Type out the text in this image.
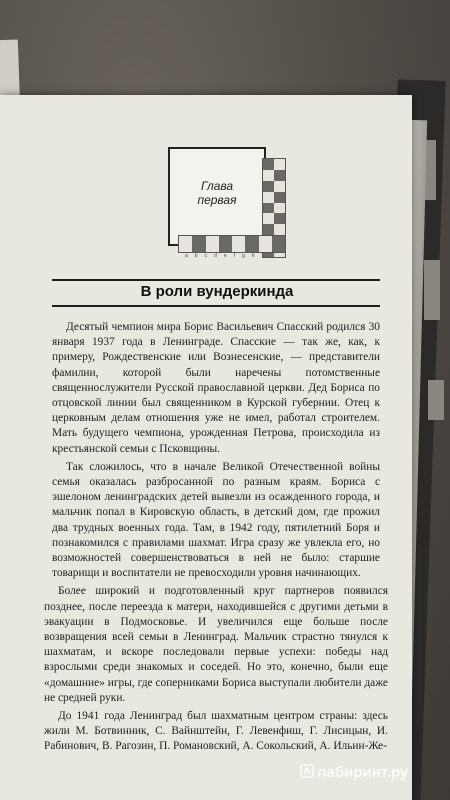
Глава
первая
abcdefgh
В роли вундеркинда

Десятый чемпион мира Борис Васильевич Спасский родился 30 января 1937 года в Ленинграде. Спасские — так же, как, к примеру, Рождественские или Вознесенские, — представители фамилии, которой были наречены потомственные священнослужители Русской православной церкви. Дед Бориса по отцовской линии был священником в Курской губернии. Отец к церковным делам отношения уже не имел, работал строителем. Мать будущего чемпиона, урожденная Петрова, происходила из крестьянской семьи с Псковщины.

Так сложилось, что в начале Великой Отечественной войны семья оказалась разбросанной по разным краям. Бориса с эшелоном ленинградских детей вывезли из осажденного города, и мальчик попал в Кировскую область, в детский дом, где прожил два трудных военных года. Там, в 1942 году, пятилетний Боря и познакомился с правилами шахмат. Игра сразу же увлекла его, но возможностей совершенствоваться в ней не было: старшие товарищи и воспитатели не превосходили уровня начинающих.

Более широкий и подготовленный круг партнеров появился позднее, после переезда к матери, находившейся с другими детьми в эвакуации в Подмосковье. И увеличился еще больше после возвращения всей семьи в Ленинград. Мальчик страстно тянулся к шахматам, и вскоре последовали первые успехи: победы над взрослыми среди знакомых и соседей. Но это, конечно, были еще «домашние» игры, где соперниками Бориса выступали любители даже не средней руки.

До 1941 года Ленинград был шахматным центром страны: здесь жили М. Ботвинник, С. Вайнштейн, Г. Левенфиш, Г. Лисицын, И. Рабинович, В. Рагозин, П. Романовский, А. Сокольский, А. Ильин-Же-

лабиринт.ру
